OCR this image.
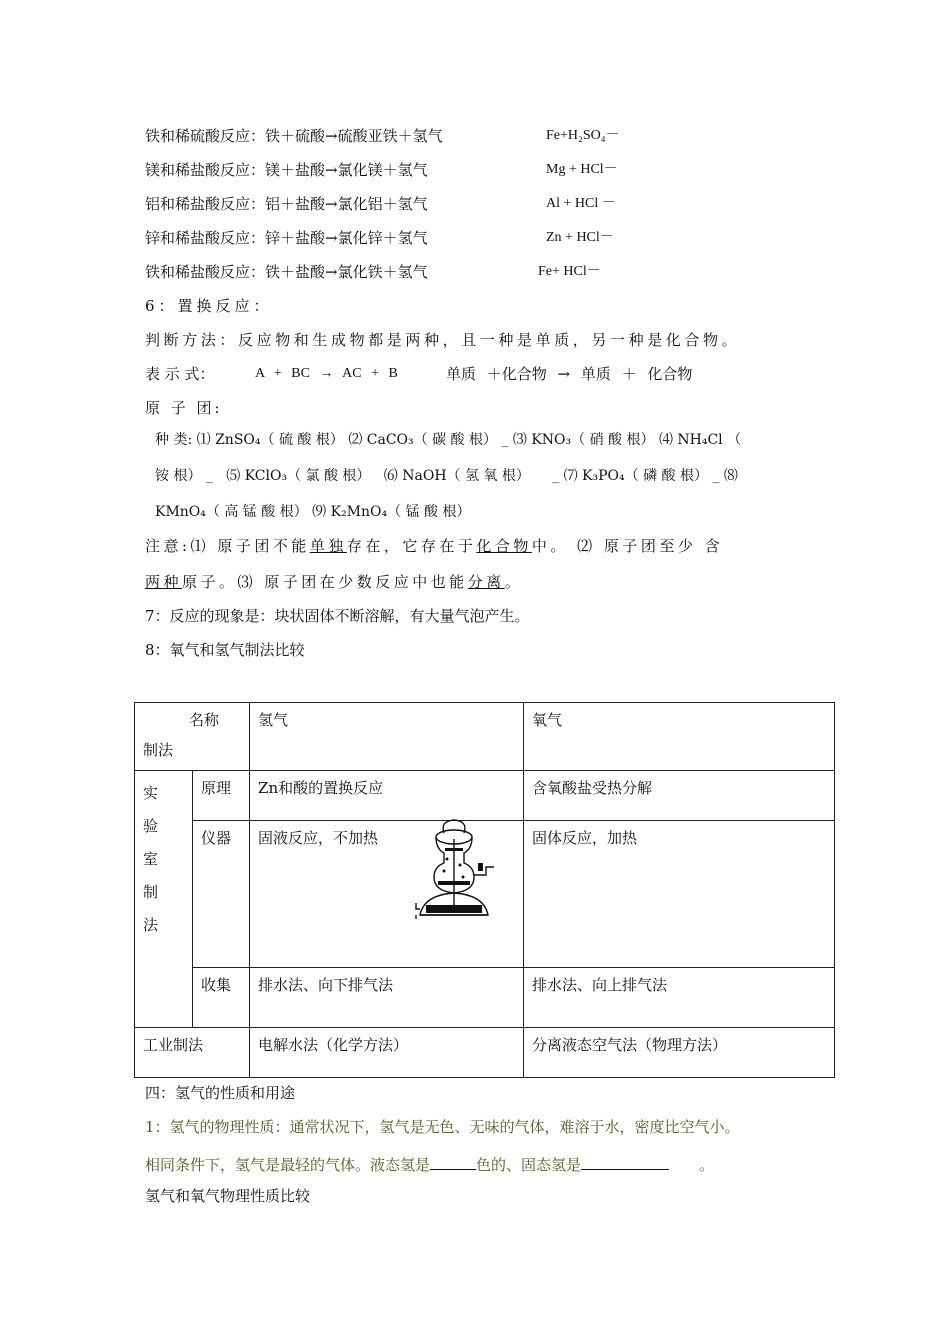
铁和稀硫酸反应：铁＋硫酸→硫酸亚铁＋氢气	Fe+H₂SO₄－
镁和稀盐酸反应：镁＋盐酸→氯化镁＋氢气	Mg + HCl－
铝和稀盐酸反应：铝＋盐酸→氯化铝＋氢气	Al + HCl －
锌和稀盐酸反应：锌＋盐酸→氯化锌＋氢气	Zn + HCl－
铁和稀盐酸反应：铁＋盐酸→氯化铁＋氢气	Fe+ HCl－
6：置换反应：
判断方法：反应物和生成物都是两种，且一种是单质，另一种是化合物。
表 示 式：	A + BC → AC + B	单质 ＋化合物 → 单质 ＋ 化合物
原 子 团:
种 类: ⑴ ZnSO₄（ 硫 酸 根） ⑵ CaCO₃（ 碳 酸 根） _ ⑶ KNO₃（ 硝 酸 根） ⑷ NH₄Cl （
铵 根） _   ⑸ KClO₃（ 氯 酸 根） ⑹ NaOH（ 氢 氧 根）     _ ⑺ K₃PO₄（ 磷 酸 根） _ ⑻
KMnO₄（ 高 锰 酸 根） ⑼ K₂MnO₄（ 锰 酸 根）
注意:⑴ 原子团不能单独存在，它存在于化合物中。 ⑵ 原子团至少 含
两种原子。⑶ 原子团在少数反应中也能分离。
7：反应的现象是：块状固体不断溶解，有大量气泡产生。
8：氧气和氢气制法比较
名称
制法		氢气	氧气

实
验
室
制
法	原理	Zn和酸的置换反应	含氧酸盐受热分解
	仪器	固液反应，不加热	固体反应，加热
	收集	排水法、向下排气法	排水法、向上排气法
工业制法		电解水法（化学方法）	分离液态空气法（物理方法）
四：氢气的性质和用途
1：氢气的物理性质：通常状况下，氢气是无色、无味的气体，难溶于水，密度比空气小。
相同条件下，氢气是最轻的气体。液态氢是	色的、固态氢是	。
氢气和氧气物理性质比较
